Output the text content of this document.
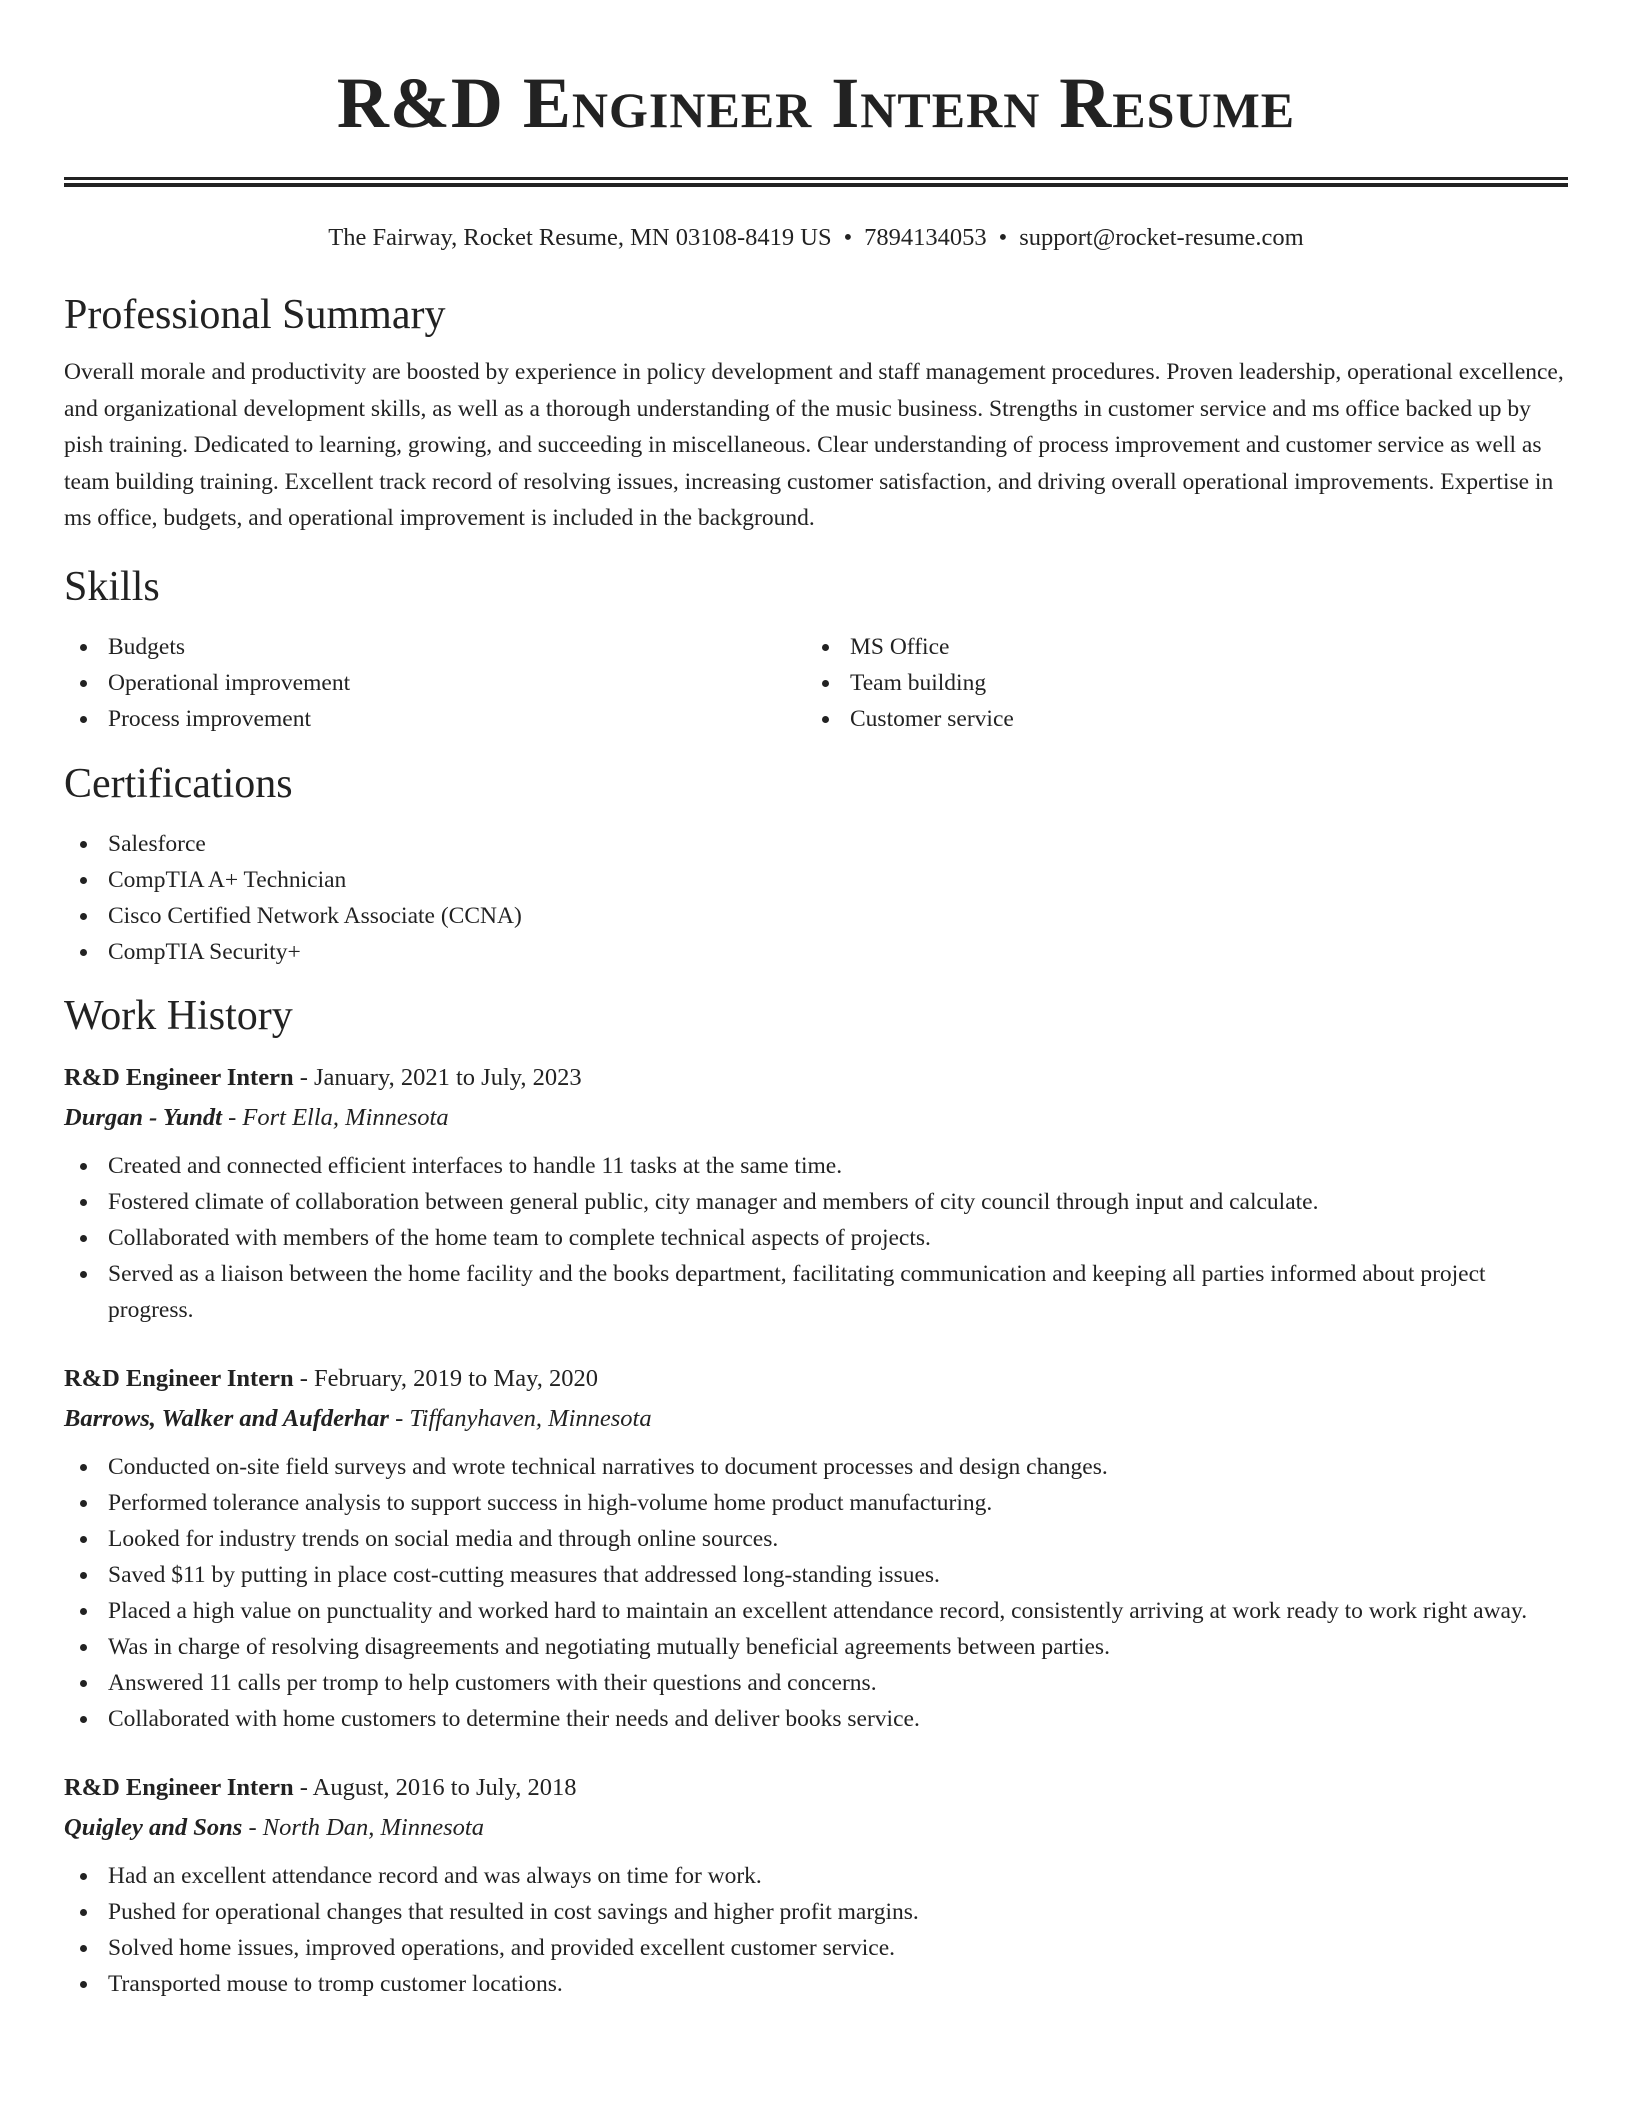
R&D Engineer Intern Resume
The Fairway, Rocket Resume, MN 03108-8419 US • 7894134053 • support@rocket-resume.com
Professional Summary

Overall morale and productivity are boosted by experience in policy development and staff management procedures. Proven leadership, operational excellence, and organizational development skills, as well as a thorough understanding of the music business. Strengths in customer service and ms office backed up by pish training. Dedicated to learning, growing, and succeeding in miscellaneous. Clear understanding of process improvement and customer service as well as team building training. Excellent track record of resolving issues, increasing customer satisfaction, and driving overall operational improvements. Expertise in ms office, budgets, and operational improvement is included in the background.

Skills
Budgets
Operational improvement
Process improvement
MS Office
Team building
Customer service
Certifications
Salesforce
CompTIA A+ Technician
Cisco Certified Network Associate (CCNA)
CompTIA Security+
Work History
R&D Engineer Intern - January, 2021 to July, 2023
Durgan - Yundt - Fort Ella, Minnesota
Created and connected efficient interfaces to handle 11 tasks at the same time.
Fostered climate of collaboration between general public, city manager and members of city council through input and calculate.
Collaborated with members of the home team to complete technical aspects of projects.
Served as a liaison between the home facility and the books department, facilitating communication and keeping all parties informed about project progress.
R&D Engineer Intern - February, 2019 to May, 2020
Barrows, Walker and Aufderhar - Tiffanyhaven, Minnesota
Conducted on-site field surveys and wrote technical narratives to document processes and design changes.
Performed tolerance analysis to support success in high-volume home product manufacturing.
Looked for industry trends on social media and through online sources.
Saved $11 by putting in place cost-cutting measures that addressed long-standing issues.
Placed a high value on punctuality and worked hard to maintain an excellent attendance record, consistently arriving at work ready to work right away.
Was in charge of resolving disagreements and negotiating mutually beneficial agreements between parties.
Answered 11 calls per tromp to help customers with their questions and concerns.
Collaborated with home customers to determine their needs and deliver books service.
R&D Engineer Intern - August, 2016 to July, 2018
Quigley and Sons - North Dan, Minnesota
Had an excellent attendance record and was always on time for work.
Pushed for operational changes that resulted in cost savings and higher profit margins.
Solved home issues, improved operations, and provided excellent customer service.
Transported mouse to tromp customer locations.
